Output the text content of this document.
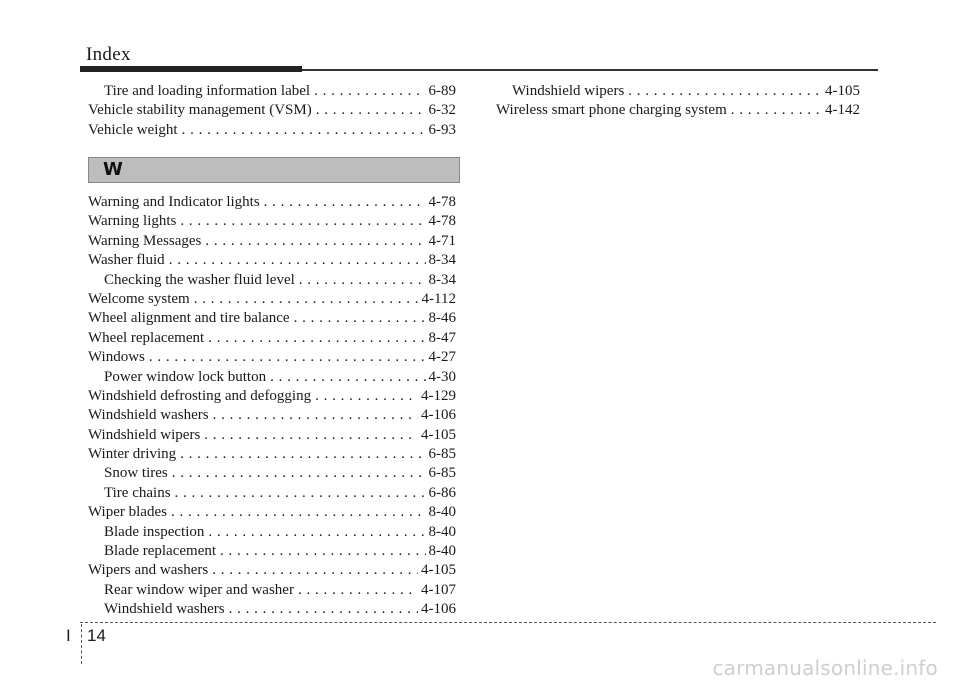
Index
Tire and loading information label . . .	6-89
Vehicle stability management (VSM) . . .	6-32
Vehicle weight . . .	6-93
W
Warning and Indicator lights . . .	4-78
Warning lights . . .	4-78
Warning Messages . . .	4-71
Washer fluid . . .	8-34
Checking the washer fluid level . . .	8-34
Welcome system . . .	4-112
Wheel alignment and tire balance . . .	8-46
Wheel replacement . . .	8-47
Windows . . .	4-27
Power window lock button . . .	4-30
Windshield defrosting and defogging . . .	4-129
Windshield washers . . .	4-106
Windshield wipers . . .	4-105
Winter driving . . .	6-85
Snow tires . . .	6-85
Tire chains . . .	6-86
Wiper blades . . .	8-40
Blade inspection . . .	8-40
Blade replacement . . .	8-40
Wipers and washers . . .	4-105
Rear window wiper and washer . . .	4-107
Windshield washers . . .	4-106
Windshield wipers . . .	4-105
Wireless smart phone charging system . . .	4-142
I 14
carmanualsonline.info
